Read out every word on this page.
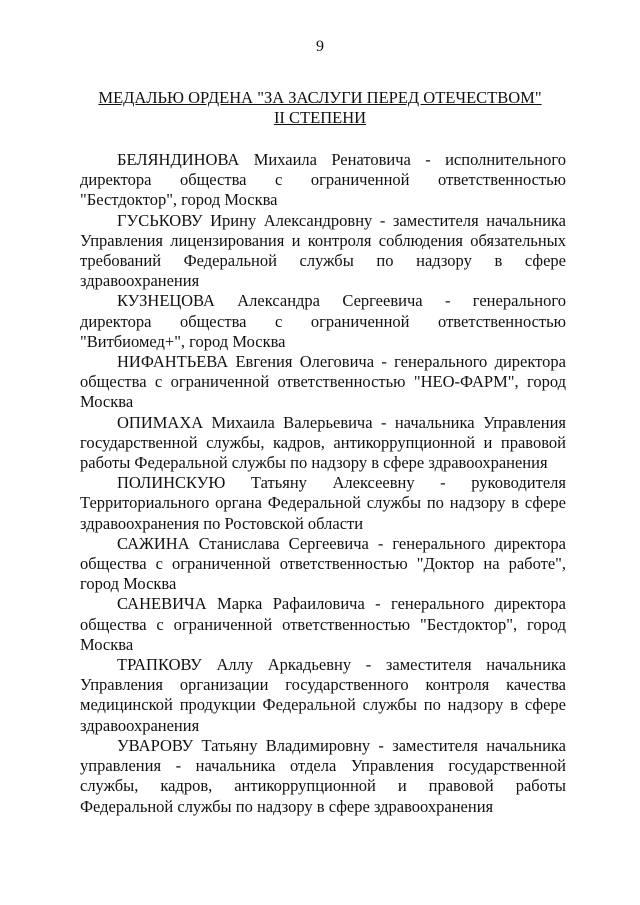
9
МЕДАЛЬЮ ОРДЕНА "ЗА ЗАСЛУГИ ПЕРЕД ОТЕЧЕСТВОМ"
II СТЕПЕНИ

БЕЛЯНДИНОВА Михаила Ренатовича - исполнительного директора общества с ограниченной ответственностью "Бестдоктор", город Москва

ГУСЬКОВУ Ирину Александровну - заместителя начальника Управления лицензирования и контроля соблюдения обязательных требований Федеральной службы по надзору в сфере здравоохранения

КУЗНЕЦОВА Александра Сергеевича - генерального директора общества с ограниченной ответственностью "Витбиомед+", город Москва

НИФАНТЬЕВА Евгения Олеговича - генерального директора общества с ограниченной ответственностью "НЕО-ФАРМ", город Москва

ОПИМАХА Михаила Валерьевича - начальника Управления государственной службы, кадров, антикоррупционной и правовой работы Федеральной службы по надзору в сфере здравоохранения

ПОЛИНСКУЮ Татьяну Алексеевну - руководителя Территориального органа Федеральной службы по надзору в сфере здравоохранения по Ростовской области

САЖИНА Станислава Сергеевича - генерального директора общества с ограниченной ответственностью "Доктор на работе", город Москва

САНЕВИЧА Марка Рафаиловича - генерального директора общества с ограниченной ответственностью "Бестдоктор", город Москва

ТРАПКОВУ Аллу Аркадьевну - заместителя начальника Управления организации государственного контроля качества медицинской продукции Федеральной службы по надзору в сфере здравоохранения

УВАРОВУ Татьяну Владимировну - заместителя начальника управления - начальника отдела Управления государственной службы, кадров, антикоррупционной и правовой работы Федеральной службы по надзору в сфере здравоохранения
